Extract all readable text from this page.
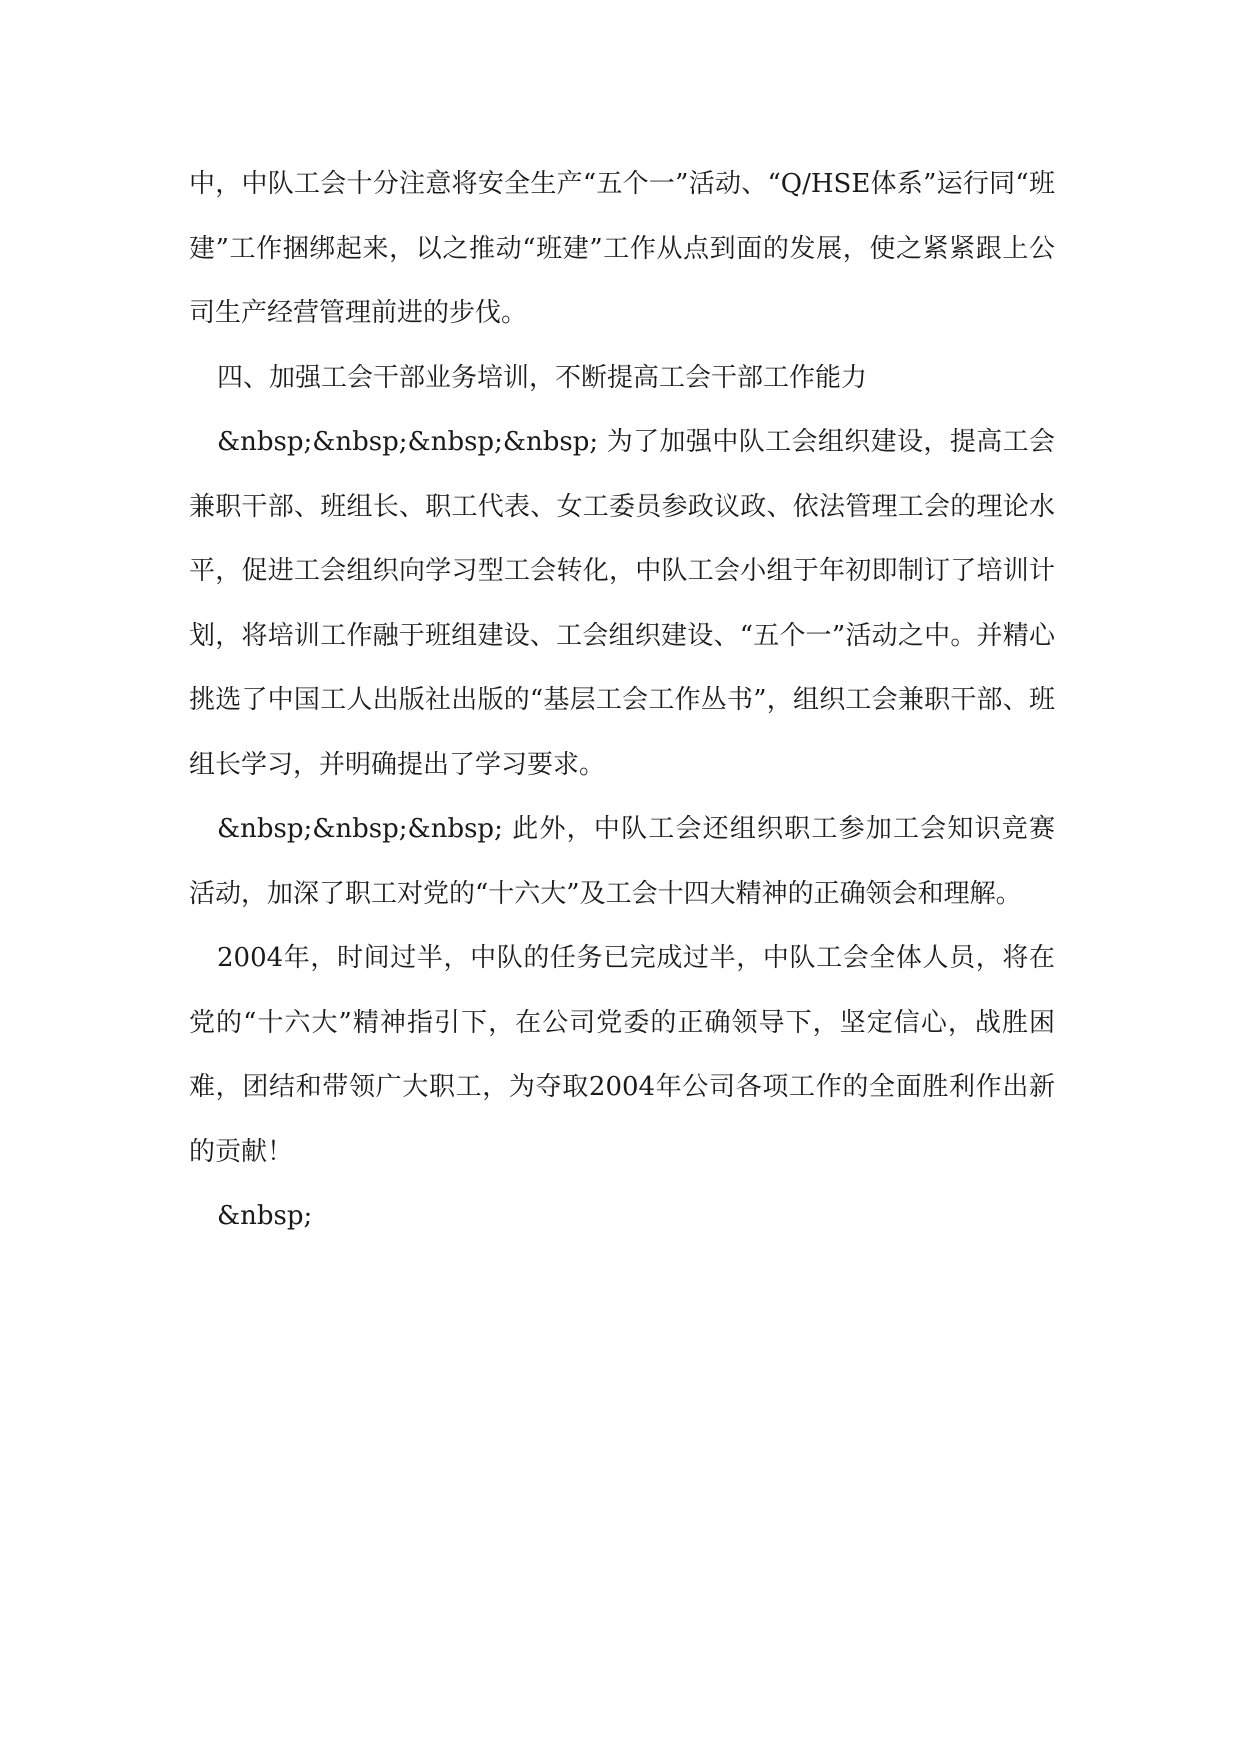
中，中队工会十分注意将安全生产“五个一”活动、“Q/HSE体系”运行同“班建”工作捆绑起来，以之推动“班建”工作从点到面的发展，使之紧紧跟上公司生产经营管理前进的步伐。

四、加强工会干部业务培训，不断提高工会干部工作能力

&nbsp;&nbsp;&nbsp;&nbsp; 为了加强中队工会组织建设，提高工会兼职干部、班组长、职工代表、女工委员参政议政、依法管理工会的理论水平，促进工会组织向学习型工会转化，中队工会小组于年初即制订了培训计划，将培训工作融于班组建设、工会组织建设、“五个一”活动之中。并精心挑选了中国工人出版社出版的“基层工会工作丛书”，组织工会兼职干部、班组长学习，并明确提出了学习要求。

&nbsp;&nbsp;&nbsp; 此外，中队工会还组织职工参加工会知识竞赛活动，加深了职工对党的“十六大”及工会十四大精神的正确领会和理解。

2004年，时间过半，中队的任务已完成过半，中队工会全体人员，将在党的“十六大”精神指引下，在公司党委的正确领导下，坚定信心，战胜困难，团结和带领广大职工，为夺取2004年公司各项工作的全面胜利作出新的贡献！

&nbsp;
